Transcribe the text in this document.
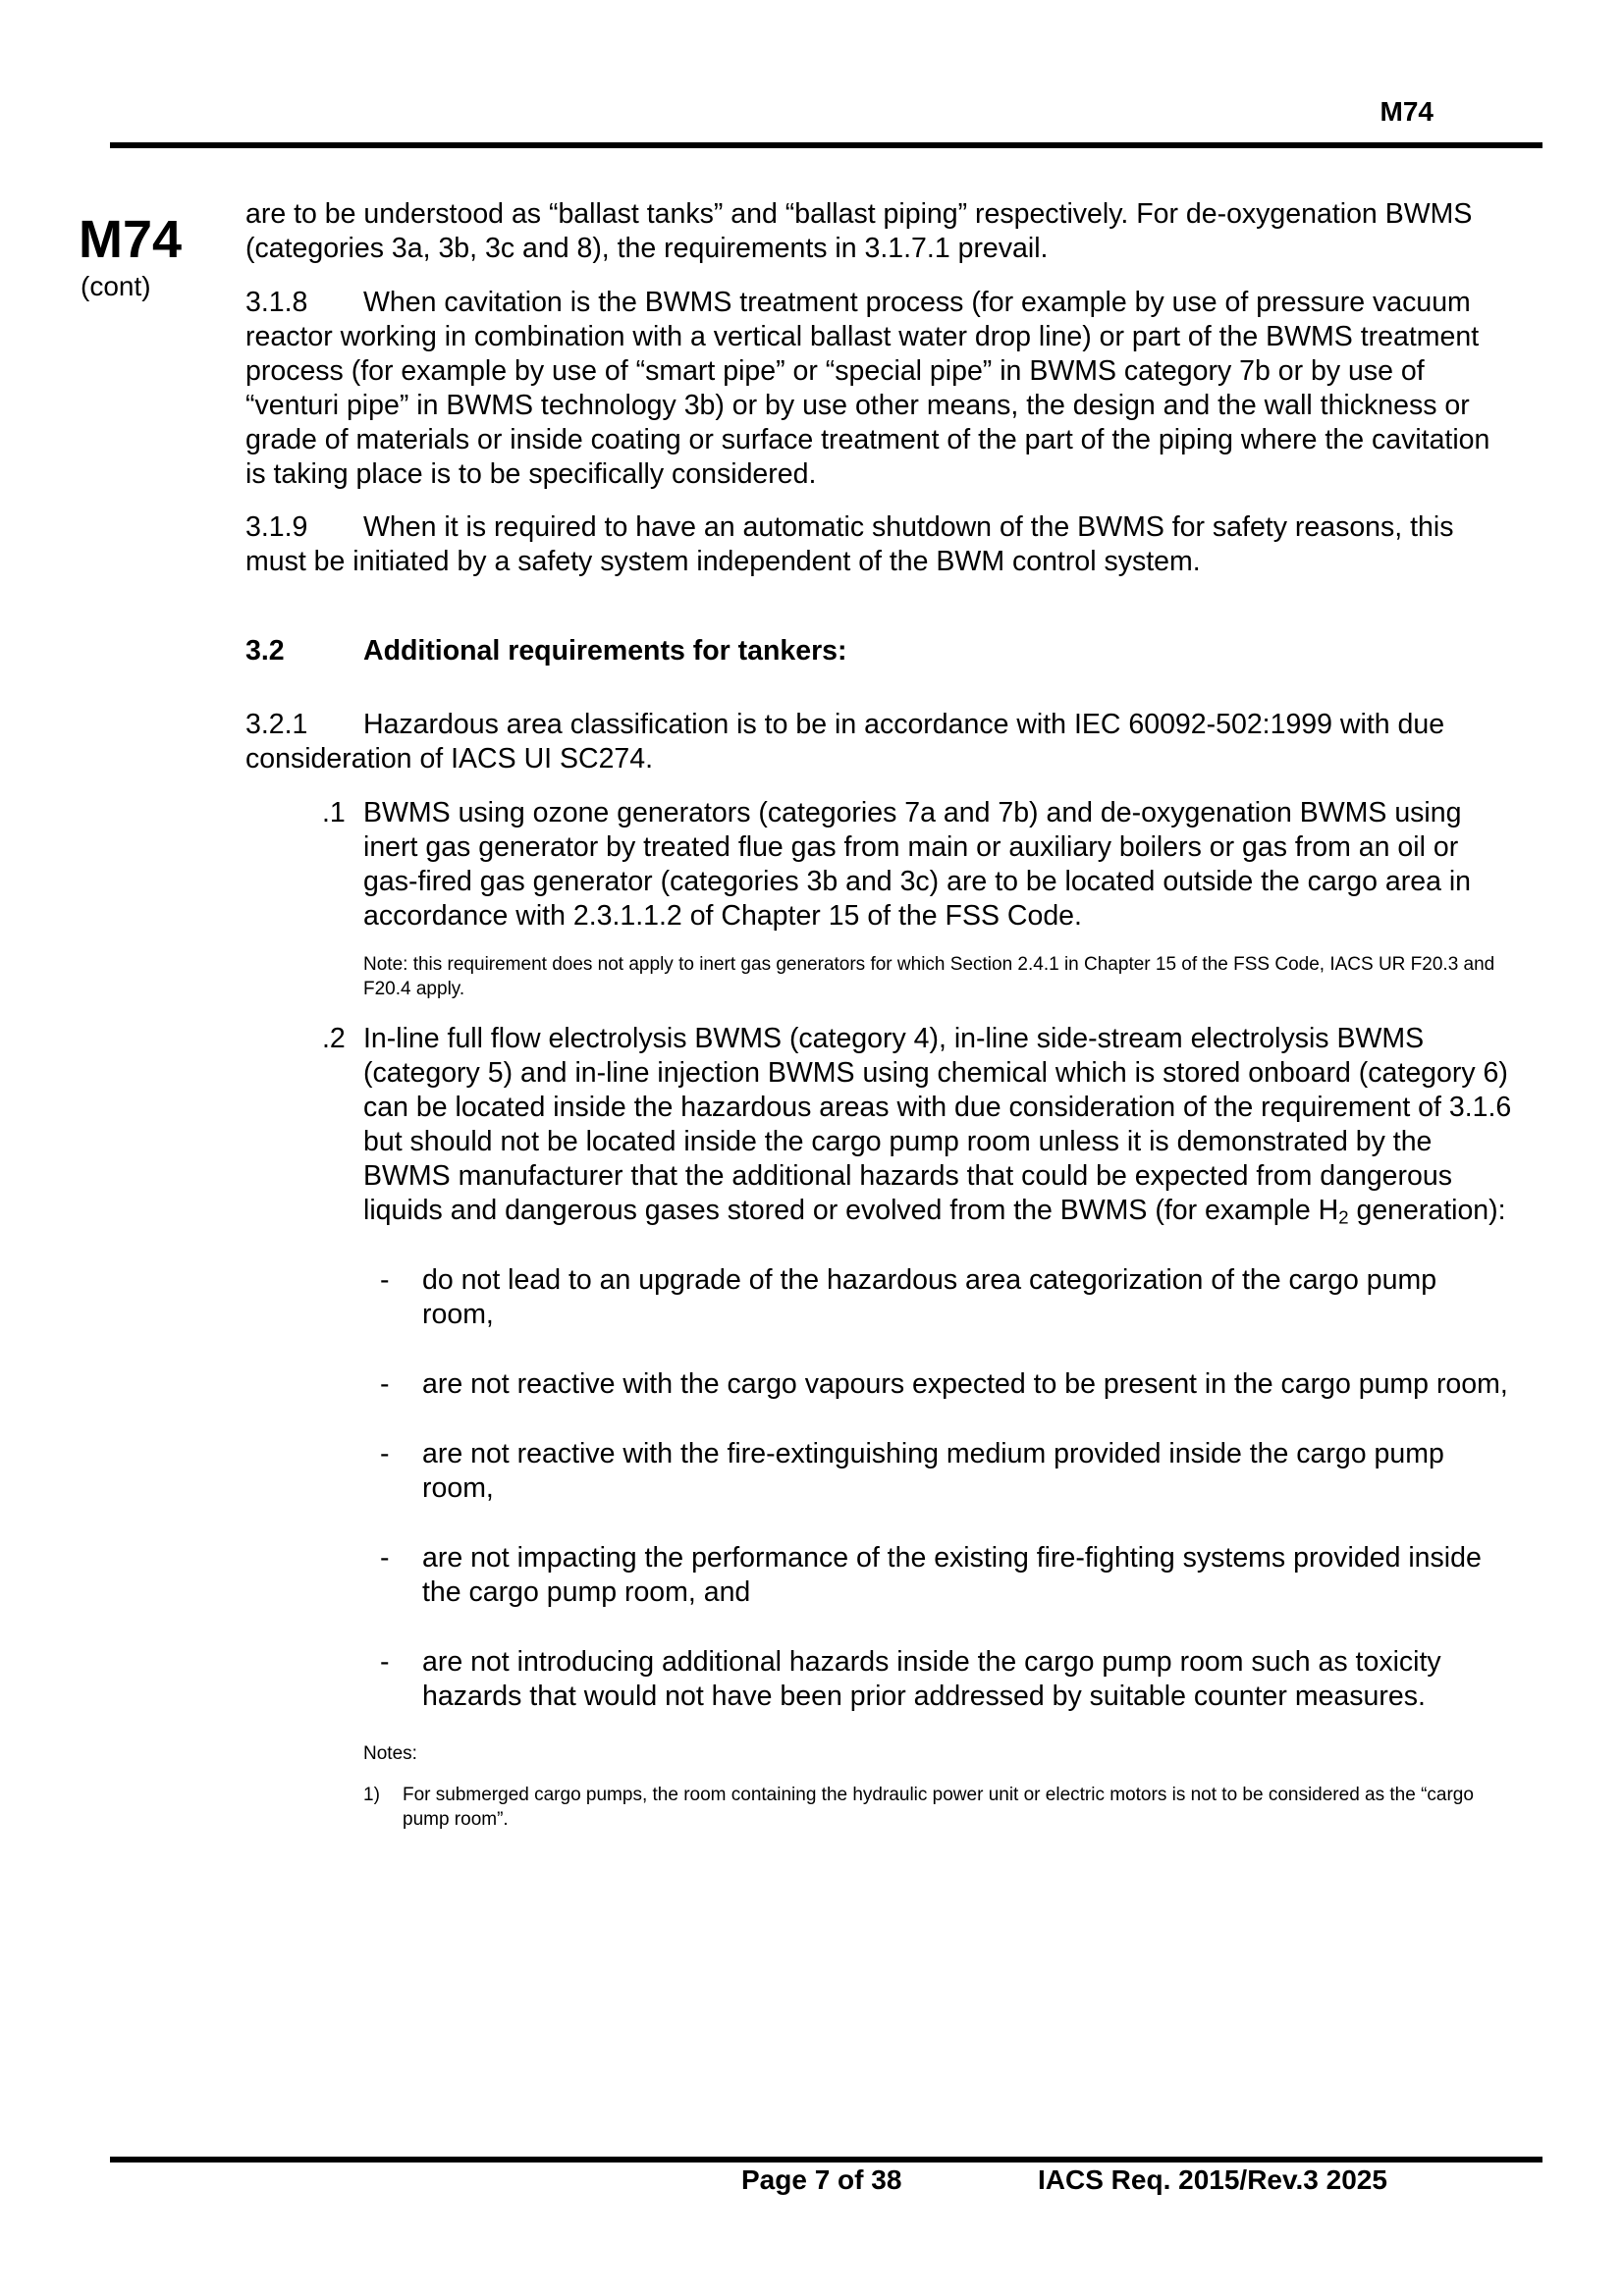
M74
M74
(cont)

are to be understood as “ballast tanks” and “ballast piping” respectively. For de-oxygenation BWMS (categories 3a, 3b, 3c and 8), the requirements in 3.1.7.1 prevail.

3.1.8 When cavitation is the BWMS treatment process (for example by use of pressure vacuum reactor working in combination with a vertical ballast water drop line) or part of the BWMS treatment process (for example by use of “smart pipe” or “special pipe” in BWMS category 7b or by use of “venturi pipe” in BWMS technology 3b) or by use other means, the design and the wall thickness or grade of materials or inside coating or surface treatment of the part of the piping where the cavitation is taking place is to be specifically considered.

3.1.9 When it is required to have an automatic shutdown of the BWMS for safety reasons, this must be initiated by a safety system independent of the BWM control system.

3.2	Additional requirements for tankers:

3.2.1 Hazardous area classification is to be in accordance with IEC 60092-502:1999 with due consideration of IACS UI SC274.

.1 BWMS using ozone generators (categories 7a and 7b) and de-oxygenation BWMS using inert gas generator by treated flue gas from main or auxiliary boilers or gas from an oil or gas-fired gas generator (categories 3b and 3c) are to be located outside the cargo area in accordance with 2.3.1.1.2 of Chapter 15 of the FSS Code.
Note: this requirement does not apply to inert gas generators for which Section 2.4.1 in Chapter 15 of the FSS Code, IACS UR F20.3 and F20.4 apply.
.2 In-line full flow electrolysis BWMS (category 4), in-line side-stream electrolysis BWMS (category 5) and in-line injection BWMS using chemical which is stored onboard (category 6) can be located inside the hazardous areas with due consideration of the requirement of 3.1.6 but should not be located inside the cargo pump room unless it is demonstrated by the BWMS manufacturer that the additional hazards that could be expected from dangerous liquids and dangerous gases stored or evolved from the BWMS (for example $H_2$ generation):
- do not lead to an upgrade of the hazardous area categorization of the cargo pump room,
- are not reactive with the cargo vapours expected to be present in the cargo pump room,
- are not reactive with the fire-extinguishing medium provided inside the cargo pump room,
- are not impacting the performance of the existing fire-fighting systems provided inside the cargo pump room, and
- are not introducing additional hazards inside the cargo pump room such as toxicity hazards that would not have been prior addressed by suitable counter measures.
Notes:
1) For submerged cargo pumps, the room containing the hydraulic power unit or electric motors is not to be considered as the “cargo pump room”.
Page 7 of 38	IACS Req. 2015/Rev.3 2025
